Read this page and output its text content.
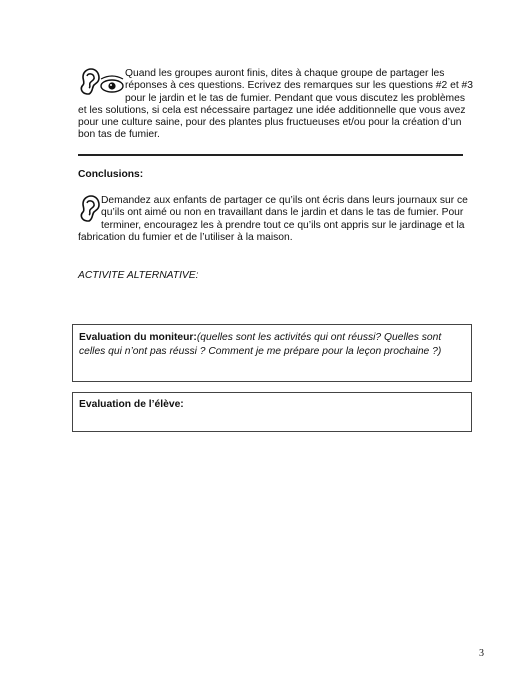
Quand les groupes auront finis, dites à chaque groupe de partager les réponses à ces questions. Ecrivez des remarques sur les questions #2 et #3 pour le jardin et le tas de fumier. Pendant que vous discutez les problèmes et les solutions, si cela est nécessaire partagez une idée additionnelle que vous avez pour une culture saine, pour des plantes plus fructueuses et/ou pour la création d’un bon tas de fumier.
Conclusions:
Demandez aux enfants de partager ce qu’ils ont écris dans leurs journaux sur ce qu’ils ont aimé ou non en travaillant dans le jardin et dans le tas de fumier. Pour terminer, encouragez les à prendre tout ce qu’ils ont appris sur le jardinage et la fabrication du fumier et de l’utiliser à la maison.
ACTIVITE ALTERNATIVE:
Evaluation du moniteur:(quelles sont les activités qui ont réussi? Quelles sont celles qui n’ont pas réussi ? Comment je me prépare pour la leçon prochaine ?)
Evaluation de l’élève:
3
